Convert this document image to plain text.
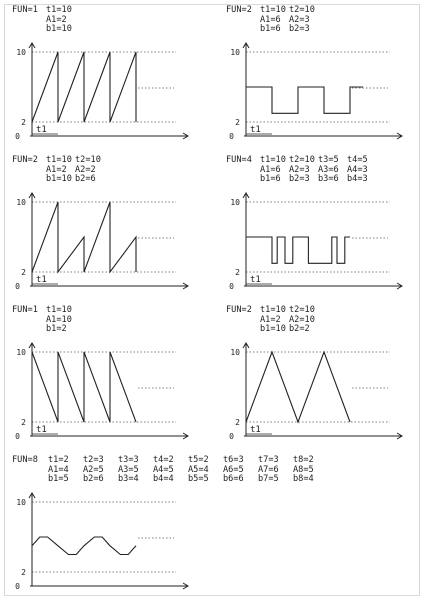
FUN=1 t1=10
A1=2
b1=10
10
2
0
t1
FUN=2 t1=10 t2=10
A1=6 A2=3
b1=6 b2=3
10
2
0
t1
FUN=2 t1=10 t2=10
A1=2 A2=2
b1=10 b2=6
10
2
0
t1
FUN=4 t1=10 t2=10 t3=5 t4=5
A1=6 A2=3 A3=6 A4=3
b1=6 b2=3 b3=6 b4=3
10
2
0
t1
FUN=1 t1=10
A1=10
b1=2
10
2
0
t1
FUN=2 t1=10 t2=10
A1=2 A2=10
b1=10 b2=2
10
2
0
t1
FUN=8 t1=2 t2=3 t3=3 t4=2 t5=2 t6=3 t7=3 t8=2
A1=4 A2=5 A3=5 A4=5 A5=4 A6=5 A7=6 A8=5
b1=5 b2=6 b3=4 b4=4 b5=5 b6=6 b7=5 b8=4
10
2
0
